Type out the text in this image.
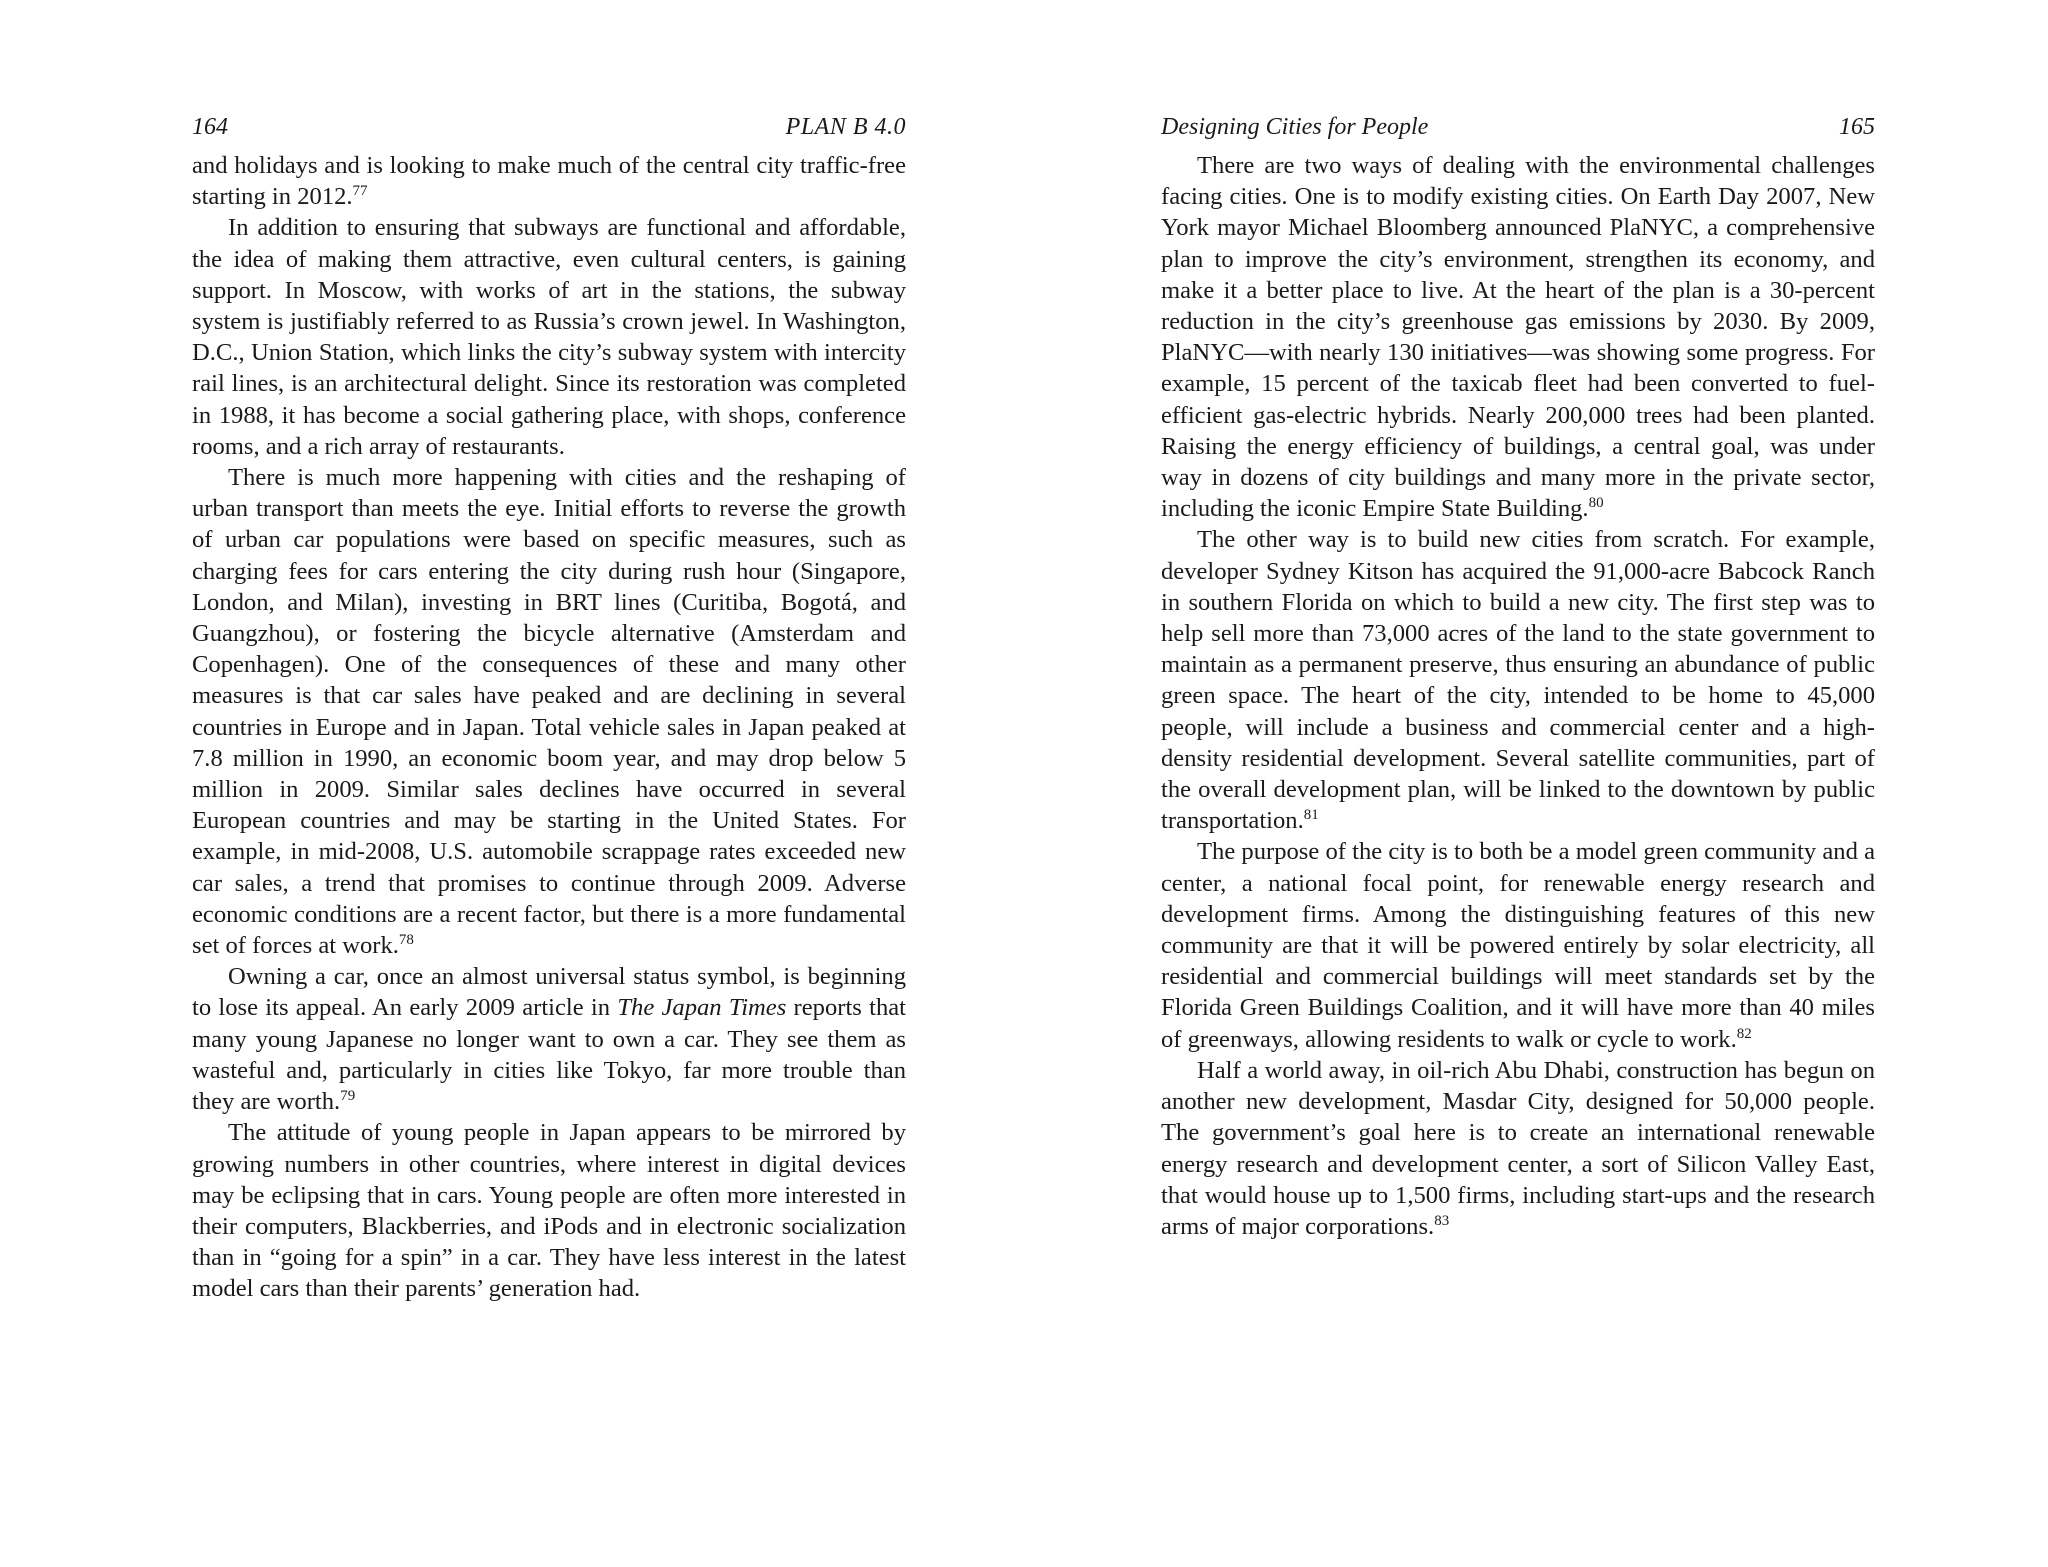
164	PLAN B 4.0

and holidays and is looking to make much of the central city traffic-free starting in 2012.77

In addition to ensuring that subways are functional and affordable, the idea of making them attractive, even cultural centers, is gaining support. In Moscow, with works of art in the stations, the subway system is justifiably referred to as Russia’s crown jewel. In Washington, D.C., Union Station, which links the city’s subway system with intercity rail lines, is an architectural delight. Since its restoration was completed in 1988, it has become a social gathering place, with shops, conference rooms, and a rich array of restaurants.

There is much more happening with cities and the reshaping of urban transport than meets the eye. Initial efforts to reverse the growth of urban car populations were based on specific measures, such as charging fees for cars entering the city during rush hour (Singapore, London, and Milan), investing in BRT lines (Curitiba, Bogotá, and Guangzhou), or fostering the bicycle alternative (Amsterdam and Copenhagen). One of the consequences of these and many other measures is that car sales have peaked and are declining in several countries in Europe and in Japan. Total vehicle sales in Japan peaked at 7.8 million in 1990, an economic boom year, and may drop below 5 million in 2009. Similar sales declines have occurred in several European countries and may be starting in the United States. For example, in mid-2008, U.S. automobile scrappage rates exceeded new car sales, a trend that promises to continue through 2009. Adverse economic conditions are a recent factor, but there is a more fundamental set of forces at work.$^{78}$

Owning a car, once an almost universal status symbol, is beginning to lose its appeal. An early 2009 article in The Japan Times reports that many young Japanese no longer want to own a car. They see them as wasteful and, particularly in cities like Tokyo, far more trouble than they are worth.$^{79}$

The attitude of young people in Japan appears to be mirrored by growing numbers in other countries, where interest in digital devices may be eclipsing that in cars. Young people are often more interested in their computers, Blackberries, and iPods and in electronic socialization than in “going for a spin” in a car. They have less interest in the latest model cars than their parents’ generation had.

Designing Cities for People	165

There are two ways of dealing with the environmental challenges facing cities. One is to modify existing cities. On Earth Day 2007, New York mayor Michael Bloomberg announced PlaNYC, a comprehensive plan to improve the city’s environment, strengthen its economy, and make it a better place to live. At the heart of the plan is a 30-percent reduction in the city’s greenhouse gas emissions by 2030. By 2009, PlaNYC—with nearly 130 initiatives—was showing some progress. For example, 15 percent of the taxicab fleet had been converted to fuel-efficient gas-electric hybrids. Nearly 200,000 trees had been planted. Raising the energy efficiency of buildings, a central goal, was under way in dozens of city buildings and many more in the private sector, including the iconic Empire State Building.$^{80}$

The other way is to build new cities from scratch. For example, developer Sydney Kitson has acquired the 91,000-acre Babcock Ranch in southern Florida on which to build a new city. The first step was to help sell more than 73,000 acres of the land to the state government to maintain as a permanent preserve, thus ensuring an abundance of public green space. The heart of the city, intended to be home to 45,000 people, will include a business and commercial center and a high-density residential development. Several satellite communities, part of the overall development plan, will be linked to the downtown by public transportation.$^{81}$

The purpose of the city is to both be a model green community and a center, a national focal point, for renewable energy research and development firms. Among the distinguishing features of this new community are that it will be powered entirely by solar electricity, all residential and commercial buildings will meet standards set by the Florida Green Buildings Coalition, and it will have more than 40 miles of greenways, allowing residents to walk or cycle to work.$^{82}$

Half a world away, in oil-rich Abu Dhabi, construction has begun on another new development, Masdar City, designed for 50,000 people. The government’s goal here is to create an international renewable energy research and development center, a sort of Silicon Valley East, that would house up to 1,500 firms, including start-ups and the research arms of major corporations.$^{83}$
